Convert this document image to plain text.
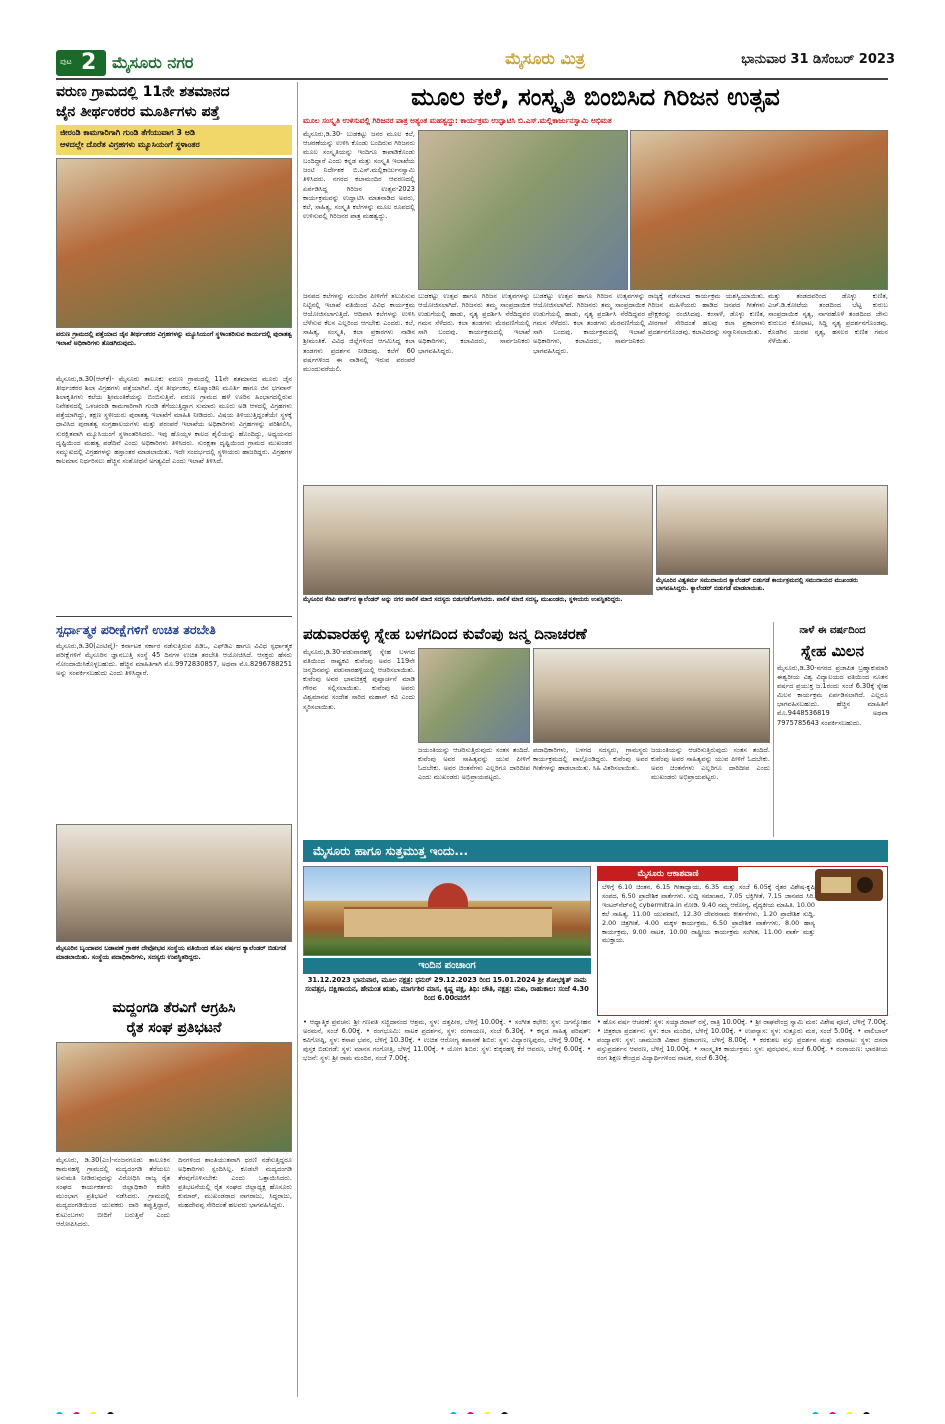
ಪುಟ 2 ಮೈಸೂರು ನಗರ	ಮೈಸೂರು ಮಿತ್ರ	ಭಾನುವಾರ 31 ಡಿಸೆಂಬರ್ 2023
ವರುಣ ಗ್ರಾಮದಲ್ಲಿ 11ನೇ ಶತಮಾನದ
ಜೈನ ತೀರ್ಥಂಕರರ ಮೂರ್ತಿಗಳು ಪತ್ತೆ
ಜೀರಂಡಿ ಕಾಮಗಾರಿಗಾಗಿ ಗುಂಡಿ ತೆಗೆಯುವಾಗ 3 ಅಡಿ
ಆಳದಲ್ಲೇ ದೊರೆತ ವಿಗ್ರಹಗಳು ಮ್ಯೂಸಿಯಂಗೆ ಸ್ಥಳಾಂತರ
ವರುಣ ಗ್ರಾಮದಲ್ಲಿ ಪತ್ತೆಯಾದ ಜೈನ ತೀರ್ಥಂಕರರ ವಿಗ್ರಹಗಳನ್ನು ಮ್ಯೂಸಿಯಂಗೆ ಸ್ಥಳಾಂತರಿಸುವ ಕಾರ್ಯದಲ್ಲಿ ಪುರಾತತ್ವ ಇಲಾಖೆ ಅಧಿಕಾರಿಗಳು ತೊಡಗಿರುವುದು.
ಮೈಸೂರು,ಡಿ.30(ಆರ್‌ಕೆ)- ಮೈಸೂರು ತಾಲೂಕು ವರುಣ ಗ್ರಾಮದಲ್ಲಿ 11ನೇ ಶತಮಾನದ ಮೂರು ಜೈನ ತೀರ್ಥಂಕರರ ಶಿಲಾ ವಿಗ್ರಹಗಳು ಪತ್ತೆಯಾಗಿವೆ. ಜೈನ ತೀರ್ಥಂಕರ, ಕೂಷ್ಮಾಂಡಿನಿ ಮೂರ್ತಿ ಹಾಗೂ ಜಿನ ಭಗವಾನ್ ಶಿಲಾಕೃತಿಗಳು ಕಲೆಯ ಶ್ರೀಮಂತಿಕೆಯನ್ನು ಬಿಂಬಿಸುತ್ತಿವೆ. ವರುಣ ಗ್ರಾಮದ ಹಳೆ ಊರಿನ ಹಿಂಭಾಗದಲ್ಲಿರುವ ನಿವೇಶನದಲ್ಲಿ ಒಳಚರಂಡಿ ಕಾಮಗಾರಿಗಾಗಿ ಗುಂಡಿ ತೆಗೆಯುತ್ತಿದ್ದಾಗ ಸುಮಾರು ಮೂರು ಅಡಿ ಆಳದಲ್ಲಿ ವಿಗ್ರಹಗಳು ಪತ್ತೆಯಾಗಿದ್ದು, ತಕ್ಷಣ ಸ್ಥಳೀಯರು ಪುರಾತತ್ವ ಇಲಾಖೆಗೆ ಮಾಹಿತಿ ನೀಡಿದರು. ವಿಷಯ ತಿಳಿಯುತ್ತಿದ್ದಂತೆಯೇ ಸ್ಥಳಕ್ಕೆ ಧಾವಿಸಿದ ಪುರಾತತ್ವ ಸಂಗ್ರಹಾಲಯಗಳು ಮತ್ತು ಪರಂಪರೆ ಇಲಾಖೆಯ ಅಧಿಕಾರಿಗಳು ವಿಗ್ರಹಗಳನ್ನು ಪರಿಶೀಲಿಸಿ, ಸುರಕ್ಷಿತವಾಗಿ ಮ್ಯೂಸಿಯಂಗೆ ಸ್ಥಳಾಂತರಿಸಿದರು. ಇವು ಹೊಯ್ಸಳ ಕಾಲದ ಶೈಲಿಯನ್ನು ಹೊಂದಿದ್ದು, ಅಧ್ಯಯನದ ದೃಷ್ಟಿಯಿಂದ ಮಹತ್ವ ಪಡೆದಿವೆ ಎಂದು ಅಧಿಕಾರಿಗಳು ತಿಳಿಸಿದರು. ಸುರಕ್ಷತಾ ದೃಷ್ಟಿಯಿಂದ ಗ್ರಾಮದ ಮುಖಂಡರ ಸಮ್ಮುಖದಲ್ಲಿ ವಿಗ್ರಹಗಳನ್ನು ಹಸ್ತಾಂತರ ಮಾಡಲಾಯಿತು. ಇದೇ ಸಂದರ್ಭದಲ್ಲಿ ಸ್ಥಳೀಯರು ಹಾಜರಿದ್ದರು. ವಿಗ್ರಹಗಳ ಕಾಲಮಾನ ನಿರ್ಧರಿಸಲು ಹೆಚ್ಚಿನ ಸಂಶೋಧನೆ ಅಗತ್ಯವಿದೆ ಎಂದು ಇಲಾಖೆ ತಿಳಿಸಿದೆ.
ಸ್ಪರ್ಧಾತ್ಮಕ ಪರೀಕ್ಷೆಗಳಿಗೆ ಉಚಿತ ತರಬೇತಿ
ಮೈಸೂರು,ಡಿ.30(ಎಂಟಿವೈ)- ಕರ್ನಾಟಕ ಸರ್ಕಾರ ನಡೆಸುತ್ತಿರುವ ಪಿಡಿಒ, ಎಫ್‌ಡಿಎ ಹಾಗೂ ವಿವಿಧ ಸ್ಪರ್ಧಾತ್ಮಕ ಪರೀಕ್ಷೆಗಳಿಗೆ ಮೈಸೂರಿನ ಜ್ಞಾನಬುತ್ತಿ ಸಂಸ್ಥೆ 45 ದಿನಗಳ ಉಚಿತ ತರಬೇತಿ ಆಯೋಜಿಸಿದೆ. ಆಸಕ್ತರು ಹೆಸರು ನೋಂದಾಯಿಸಿಕೊಳ್ಳಬಹುದು. ಹೆಚ್ಚಿನ ಮಾಹಿತಿಗಾಗಿ ಮೊ.9972830857, ಅಥವಾ ಮೊ.8296788251 ಅನ್ನು ಸಂಪರ್ಕಿಸಬಹುದು ಎಂದು ತಿಳಿಸಿದ್ದಾರೆ.
ಮೈಸೂರಿನ ಬೃಂದಾವನ ಬಡಾವಣೆ ಗ್ರಾಹಕ ದೇವೋಭವ ಸಂಸ್ಥೆಯ ವತಿಯಿಂದ ಹೊಸ ವರ್ಷದ ಕ್ಯಾಲೆಂಡರ್ ಬಿಡುಗಡೆ ಮಾಡಲಾಯಿತು. ಸಂಸ್ಥೆಯ ಪದಾಧಿಕಾರಿಗಳು, ಸದಸ್ಯರು ಉಪಸ್ಥಿತರಿದ್ದರು.
ಮದ್ದಂಗಡಿ ತೆರವಿಗೆ ಆಗ್ರಹಿಸಿ
ರೈತ ಸಂಘ ಪ್ರತಿಭಟನೆ
ಮೈಸೂರು, ಡಿ.30(ಎಂ)-ನಂಜನಗೂಡು ತಾಲೂಕಿನ ಕಾಮನಹಳ್ಳಿ ಗ್ರಾಮದಲ್ಲಿ ಮದ್ಯದಂಗಡಿ ತೆರೆಯಲು ಅನುಮತಿ ನೀಡಿರುವುದನ್ನು ವಿರೋಧಿಸಿ ರಾಜ್ಯ ರೈತ ಸಂಘದ ಕಾರ್ಯಕರ್ತರು ಜಿಲ್ಲಾಧಿಕಾರಿ ಕಚೇರಿ ಮುಂಭಾಗ ಪ್ರತಿಭಟನೆ ನಡೆಸಿದರು. ಗ್ರಾಮದಲ್ಲಿ ಮದ್ಯದಂಗಡಿಯಿಂದ ಯುವಕರು ದಾರಿ ತಪ್ಪುತ್ತಿದ್ದಾರೆ, ಕುಟುಂಬಗಳು ಬೀದಿಗೆ ಬರುತ್ತಿವೆ ಎಂದು ಆರೋಪಿಸಿದರು.
ದಿನಗಳಿಂದ ಶಾಂತಿಯುತವಾಗಿ ಧರಣಿ ನಡೆಸುತ್ತಿದ್ದರೂ ಅಧಿಕಾರಿಗಳು ಸ್ಪಂದಿಸಿಲ್ಲ. ಕೂಡಲೇ ಮದ್ಯದಂಗಡಿ ತೆರವುಗೊಳಿಸಬೇಕು ಎಂದು ಒತ್ತಾಯಿಸಿದರು. ಪ್ರತಿಭಟನೆಯಲ್ಲಿ ರೈತ ಸಂಘದ ಜಿಲ್ಲಾಧ್ಯಕ್ಷ ಹೊಸೂರು ಕುಮಾರ್, ಮುಖಂಡರಾದ ನಾಗರಾಜು, ಸಿದ್ದರಾಜು, ಮಹದೇವಪ್ಪ ಸೇರಿದಂತೆ ಹಲವರು ಭಾಗವಹಿಸಿದ್ದರು.
ಮೂಲ ಕಲೆ, ಸಂಸ್ಕೃತಿ ಬಿಂಬಿಸಿದ ಗಿರಿಜನ ಉತ್ಸವ
ಮೂಲ ಸಂಸ್ಕೃತಿ ಉಳಿಸುವಲ್ಲಿ ಗಿರಿಜನರ ಪಾತ್ರ ಅತ್ಯಂತ ಮಹತ್ವದ್ದು: ಕಾರ್ಯಕ್ರಮ ಉದ್ಘಾಟಿಸಿ ಬಿ.ಎಸ್.ಮಲ್ಲಿಕಾರ್ಜುನಸ್ವಾಮಿ ಅಭಿಮತ
ಮೈಸೂರು,ಡಿ.30- ಬುಡಕಟ್ಟು ಜನರ ಮೂಲ ಕಲೆ, ಆಚರಣೆಯನ್ನು ಉಳಿಸಿ ಕೊಂಡು ಬಂದಿರುವ ಗಿರಿಜನರು ಮೂಲ ಸಂಸ್ಕೃತಿಯನ್ನು ಇಂದಿಗೂ ಕಾಪಾಡಿಕೊಂಡು ಬಂದಿದ್ದಾರೆ ಎಂದು ಕನ್ನಡ ಮತ್ತು ಸಂಸ್ಕೃತಿ ಇಲಾಖೆಯ ಜಂಟಿ ನಿರ್ದೇಶಕ ಬಿ.ಎಸ್.ಮಲ್ಲಿಕಾರ್ಜುನಸ್ವಾಮಿ ತಿಳಿಸಿದರು. ನಗರದ ಕಲಾಮಂದಿರ ಆವರಣದಲ್ಲಿ ಏರ್ಪಡಿಸಿದ್ದ ಗಿರಿಜನ ಉತ್ಸವ-2023 ಕಾರ್ಯಕ್ರಮವನ್ನು ಉದ್ಘಾಟಿಸಿ ಮಾತನಾಡಿದ ಅವರು, ಕಲೆ, ಸಾಹಿತ್ಯ, ಸಂಸ್ಕೃತಿ ಕಲೆಗಳನ್ನು ಮೂಲ ರೂಪದಲ್ಲಿ ಉಳಿಸುವಲ್ಲಿ ಗಿರಿಜನರ ಪಾತ್ರ ಮಹತ್ವದ್ದು.
ಜನಪದ ಕಲೆಗಳನ್ನು ಮುಂದಿನ ಪೀಳಿಗೆಗೆ ತಲುಪಿಸುವ ನಿಟ್ಟಿನಲ್ಲಿ ಇಲಾಖೆ ವತಿಯಿಂದ ವಿವಿಧ ಕಾರ್ಯಕ್ರಮ ಆಯೋಜಿಸಲಾಗುತ್ತಿದೆ. ಆದಿವಾಸಿ ಕಲೆಗಳನ್ನು ಉಳಿಸಿ ಬೆಳೆಸುವ ಕೆಲಸ ಎಲ್ಲರಿಂದ ಆಗಬೇಕು ಎಂದರು. ಕಲೆ, ಸಾಹಿತ್ಯ, ಸಂಸ್ಕೃತಿ, ಕಲಾ ಪ್ರಕಾರಗಳು ನಾಡಿನ ಶ್ರೀಮಂತಿಕೆ. ವಿವಿಧ ಜಿಲ್ಲೆಗಳಿಂದ ಆಗಮಿಸಿದ್ದ ಕಲಾ ತಂಡಗಳು ಪ್ರದರ್ಶನ ನೀಡಿದವು. ಕಲೆಗೆ 60 ವರ್ಷಗಳಿಂದ ಈ ನಾಡಿನಲ್ಲಿ ಇರುವ ಪರಂಪರೆ ಮುಂದುವರೆಯಲಿ.
ಬುಡಕಟ್ಟು ಉತ್ಸವ ಹಾಗೂ ಗಿರಿಜನ ಉತ್ಸವಗಳನ್ನು ಆಯೋಜಿಸಲಾಗಿದೆ. ಗಿರಿಜನರು ತಮ್ಮ ಸಾಂಪ್ರದಾಯಿಕ ಉಡುಗೆಯಲ್ಲಿ ಹಾಡು, ನೃತ್ಯ ಪ್ರದರ್ಶಿಸಿ ನೆರೆದಿದ್ದವರ ಗಮನ ಸೆಳೆದರು. ಕಲಾ ತಂಡಗಳು ಮೆರವಣಿಗೆಯಲ್ಲಿ ಸಾಗಿ ಬಂದವು. ಕಾರ್ಯಕ್ರಮದಲ್ಲಿ ಇಲಾಖೆ ಅಧಿಕಾರಿಗಳು, ಕಲಾವಿದರು, ಸಾರ್ವಜನಿಕರು ಭಾಗವಹಿಸಿದ್ದರು.
ಬುಡಕಟ್ಟು ಉತ್ಸವ ಹಾಗೂ ಗಿರಿಜನ ಉತ್ಸವಗಳನ್ನು ಆಯೋಜಿಸಲಾಗಿದೆ. ಗಿರಿಜನರು ತಮ್ಮ ಸಾಂಪ್ರದಾಯಿಕ ಉಡುಗೆಯಲ್ಲಿ ಹಾಡು, ನೃತ್ಯ ಪ್ರದರ್ಶಿಸಿ ನೆರೆದಿದ್ದವರ ಗಮನ ಸೆಳೆದರು. ಕಲಾ ತಂಡಗಳು ಮೆರವಣಿಗೆಯಲ್ಲಿ ಸಾಗಿ ಬಂದವು. ಕಾರ್ಯಕ್ರಮದಲ್ಲಿ ಇಲಾಖೆ ಅಧಿಕಾರಿಗಳು, ಕಲಾವಿದರು, ಸಾರ್ವಜನಿಕರು ಭಾಗವಹಿಸಿದ್ದರು.
ರಾಜ್ಯಕ್ಕೆ ನಡೆಸಲಾದ ಕಾರ್ಯಕ್ರಮ ಯಶಸ್ವಿಯಾಯಿತು. ಗಿರಿಜನ ಮಹಿಳೆಯರು ಹಾಡಿದ ಜನಪದ ಗೀತೆಗಳು ಪ್ರೇಕ್ಷಕರನ್ನು ರಂಜಿಸಿದವು. ಕಂಸಾಳೆ, ಡೊಳ್ಳು ಕುಣಿತ, ವೀರಗಾಸೆ ಸೇರಿದಂತೆ ಹಲವು ಕಲಾ ಪ್ರಕಾರಗಳು ಪ್ರದರ್ಶನಗೊಂಡವು. ಕಲಾವಿದರನ್ನು ಸನ್ಮಾನಿಸಲಾಯಿತು.
ಮತ್ತು ತಂಡದವರಿಂದ ಡೊಳ್ಳು ಕುಣಿತ, ಎಚ್.ಡಿ.ಕೋಟೆಯ ತಂಡದಿಂದ ಬೆಟ್ಟ ಕುರುಬ ಸಾಂಪ್ರದಾಯಿಕ ನೃತ್ಯ, ನಾಗರಹೊಳೆ ತಂಡದಿಂದ ಜೇನು ಕುರುಬರ ಕೋಲಾಟ, ಸಿದ್ದಿ ನೃತ್ಯ ಪ್ರದರ್ಶನಗೊಂಡವು. ಕೊಡಗಿನ ಯರವ ನೃತ್ಯ, ಹಸಲರ ಕುಣಿತ ಗಮನ ಸೆಳೆಯಿತು.
ಮೈಸೂರಿನ ಕೆಡಿಪಿ ವಾರ್ಡ್‌ನ ಕ್ಯಾಲೆಂಡರ್ ಅನ್ನು ನಗರ ಪಾಲಿಕೆ ಮಾಜಿ ಸದಸ್ಯರು ಬಿಡುಗಡೆಗೊಳಿಸಿದರು. ಪಾಲಿಕೆ ಮಾಜಿ ಸದಸ್ಯ, ಮುಖಂಡರು, ಸ್ಥಳೀಯರು ಉಪಸ್ಥಿತರಿದ್ದರು.
ಮೈಸೂರಿನ ವಿಶ್ವಕರ್ಮ ಸಮುದಾಯದ ಕ್ಯಾಲೆಂಡರ್ ಬಿಡುಗಡೆ ಕಾರ್ಯಕ್ರಮದಲ್ಲಿ ಸಮುದಾಯದ ಮುಖಂಡರು ಭಾಗವಹಿಸಿದ್ದರು. ಕ್ಯಾಲೆಂಡರ್ ಬಿಡುಗಡೆ ಮಾಡಲಾಯಿತು.
ಪಡುವಾರಹಳ್ಳಿ ಸ್ನೇಹ ಬಳಗದಿಂದ ಕುವೆಂಪು ಜನ್ಮ ದಿನಾಚರಣೆ
ಮೈಸೂರು,ಡಿ.30-ಪಡುವಾರಹಳ್ಳಿ ಸ್ನೇಹ ಬಳಗದ ವತಿಯಿಂದ ರಾಷ್ಟ್ರಕವಿ ಕುವೆಂಪು ಅವರ 119ನೇ ಜನ್ಮದಿನವನ್ನು ಪಡುವಾರಹಳ್ಳಿಯಲ್ಲಿ ಆಚರಿಸಲಾಯಿತು. ಕುವೆಂಪು ಅವರ ಭಾವಚಿತ್ರಕ್ಕೆ ಪುಷ್ಪಾರ್ಚನೆ ಮಾಡಿ ಗೌರವ ಸಲ್ಲಿಸಲಾಯಿತು. ಕುವೆಂಪು ಅವರು ವಿಶ್ವಮಾನವ ಸಂದೇಶ ಸಾರಿದ ಮಹಾನ್ ಕವಿ ಎಂದು ಸ್ಮರಿಸಲಾಯಿತು.
ಜಯಂತಿಯನ್ನು ಆಚರಿಸುತ್ತಿರುವುದು ಸಂತಸ ತಂದಿದೆ. ಕುವೆಂಪು ಅವರ ಸಾಹಿತ್ಯವನ್ನು ಯುವ ಪೀಳಿಗೆ ಓದಬೇಕು. ಅವರ ಚಿಂತನೆಗಳು ಎಲ್ಲರಿಗೂ ದಾರಿದೀಪ ಎಂದು ಮುಖಂಡರು ಅಭಿಪ್ರಾಯಪಟ್ಟರು.
ಪದಾಧಿಕಾರಿಗಳು, ಬಳಗದ ಸದಸ್ಯರು, ಗ್ರಾಮಸ್ಥರು ಕಾರ್ಯಕ್ರಮದಲ್ಲಿ ಪಾಲ್ಗೊಂಡಿದ್ದರು. ಕುವೆಂಪು ಅವರ ಗೀತೆಗಳನ್ನು ಹಾಡಲಾಯಿತು. ಸಿಹಿ ವಿತರಿಸಲಾಯಿತು.
ಜಯಂತಿಯನ್ನು ಆಚರಿಸುತ್ತಿರುವುದು ಸಂತಸ ತಂದಿದೆ. ಕುವೆಂಪು ಅವರ ಸಾಹಿತ್ಯವನ್ನು ಯುವ ಪೀಳಿಗೆ ಓದಬೇಕು. ಅವರ ಚಿಂತನೆಗಳು ಎಲ್ಲರಿಗೂ ದಾರಿದೀಪ ಎಂದು ಮುಖಂಡರು ಅಭಿಪ್ರಾಯಪಟ್ಟರು.
ನಾಳೆ ಈ ವರ್ಷದಿಂದ
ಸ್ನೇಹ ಮಿಲನ
ಮೈಸೂರು,ಡಿ.30-ನಗರದ ಪ್ರಜಾಪಿತ ಬ್ರಹ್ಮಾಕುಮಾರಿ ಈಶ್ವರೀಯ ವಿಶ್ವ ವಿದ್ಯಾಲಯದ ವತಿಯಿಂದ ನೂತನ ವರ್ಷದ ಪ್ರಯುಕ್ತ ಜ.1ರಂದು ಸಂಜೆ 6.30ಕ್ಕೆ ಸ್ನೇಹ ಮಿಲನ ಕಾರ್ಯಕ್ರಮ ಏರ್ಪಡಿಸಲಾಗಿದೆ. ಎಲ್ಲರೂ ಭಾಗವಹಿಸಬಹುದು. ಹೆಚ್ಚಿನ ಮಾಹಿತಿಗೆ ಮೊ.9448536819 ಅಥವಾ 7975785643 ಸಂಪರ್ಕಿಸಬಹುದು.
ಮೈಸೂರು ಹಾಗೂ ಸುತ್ತಮುತ್ತ ಇಂದು...
ಇಂದಿನ ಪಂಚಾಂಗ
31.12.2023 ಭಾನುವಾರ, ಮೂಲ ನಕ್ಷತ್ರ: ಧನುರ್ 29.12.2023 ರಿಂದ 15.01.2024 ಶ್ರೀ ಶೋಭಕೃತ್ ನಾಮ ಸಂವತ್ಸರ, ದಕ್ಷಿಣಾಯನ, ಹೇಮಂತ ಋತು, ಮಾರ್ಗಶಿರ ಮಾಸ, ಕೃಷ್ಣ ಪಕ್ಷ, ತಿಥಿ: ಚೌತಿ, ನಕ್ಷತ್ರ: ಮಖ, ರಾಹುಕಾಲ: ಸಂಜೆ 4.30 ರಿಂದ 6.00ರವರೆಗೆ
ಮೈಸೂರು ಆಕಾಶವಾಣಿ
ಬೆಳಿಗ್ಗೆ 6.10 ಚಿಂತನ, 6.15 ಗೀತಾಧ್ಯಾಯ, 6.35 ಮತ್ತು ಸಂಜೆ 6.05ಕ್ಕೆ ರೈತರ ವಿಶೇಷ-ಕೃಷಿ ಸಂಪದ, 6.50 ಪ್ರಾದೇಶಿಕ ವಾರ್ತೆಗಳು. ಸುದ್ದಿ ಸಮಾಚಾರ, 7.05 ಭಕ್ತಿಗೀತೆ, 7.15 ಜಾನಪದ ಸಿರಿ. ಇಂಟರ್‌ನೆಟ್‌ನಲ್ಲಿ cybermitra.in ನೋಡಿ. 9.40 ನಮ್ಮ ಆರೋಗ್ಯ, ವೈದ್ಯಕೀಯ ಮಾಹಿತಿ. 10.00 ಕಲೆ ಸಾಹಿತ್ಯ, 11.00 ಯುವವಾಣಿ, 12.30 ದೇವರನಾಮ ಕೀರ್ತನೆಗಳು, 1.20 ಪ್ರಾದೇಶಿಕ ಸುದ್ದಿ, 2.00 ಚಿತ್ರಗೀತೆ, 4.00 ಮಕ್ಕಳ ಕಾರ್ಯಕ್ರಮ, 6.50 ಪ್ರಾದೇಶಿಕ ವಾರ್ತೆಗಳು, 8.00 ಹಾಸ್ಯ ಕಾರ್ಯಕ್ರಮ, 9.00 ನಾಟಕ, 10.00 ರಾಷ್ಟ್ರೀಯ ಕಾರ್ಯಕ್ರಮ ಸಂಗೀತ, 11.00 ವಾರ್ತೆ ಮತ್ತು ಮುಕ್ತಾಯ.
• ಆಧ್ಯಾತ್ಮಿಕ ಪ್ರವಚನ: ಶ್ರೀ ಗಣಪತಿ ಸಚ್ಚಿದಾನಂದ ಆಶ್ರಮ, ಸ್ಥಳ: ದತ್ತಪೀಠ, ಬೆಳಿಗ್ಗೆ 10.00ಕ್ಕೆ. • ಸಂಗೀತ ಕಛೇರಿ: ಸ್ಥಳ: ಜಗನ್ಮೋಹನ ಅರಮನೆ, ಸಂಜೆ 6.00ಕ್ಕೆ. • ರಂಗಭೂಮಿ: ನಾಟಕ ಪ್ರದರ್ಶನ, ಸ್ಥಳ: ರಂಗಾಯಣ, ಸಂಜೆ 6.30ಕ್ಕೆ. • ಕನ್ನಡ ಸಾಹಿತ್ಯ ಪರಿಷತ್: ಕವಿಗೋಷ್ಠಿ, ಸ್ಥಳ: ಕಸಾಪ ಭವನ, ಬೆಳಿಗ್ಗೆ 10.30ಕ್ಕೆ. • ಉಚಿತ ಆರೋಗ್ಯ ತಪಾಸಣೆ ಶಿಬಿರ: ಸ್ಥಳ: ವಿದ್ಯಾರಣ್ಯಪುರಂ, ಬೆಳಿಗ್ಗೆ 9.00ಕ್ಕೆ. • ಪುಸ್ತಕ ಬಿಡುಗಡೆ: ಸ್ಥಳ: ಮಾನಸ ಗಂಗೋತ್ರಿ, ಬೆಳಿಗ್ಗೆ 11.00ಕ್ಕೆ. • ಯೋಗ ಶಿಬಿರ: ಸ್ಥಳ: ಕುಕ್ಕರಹಳ್ಳಿ ಕೆರೆ ಆವರಣ, ಬೆಳಿಗ್ಗೆ 6.00ಕ್ಕೆ. • ಭಜನೆ: ಸ್ಥಳ: ಶ್ರೀ ರಾಮ ಮಂದಿರ, ಸಂಜೆ 7.00ಕ್ಕೆ.
• ಹೊಸ ವರ್ಷ ಆಚರಣೆ: ಸ್ಥಳ: ಸಯ್ಯಾಜಿರಾವ್ ರಸ್ತೆ, ರಾತ್ರಿ 10.00ಕ್ಕೆ. • ಶ್ರೀ ರಾಘವೇಂದ್ರ ಸ್ವಾಮಿ ಮಠ: ವಿಶೇಷ ಪೂಜೆ, ಬೆಳಿಗ್ಗೆ 7.00ಕ್ಕೆ. • ಚಿತ್ರಕಲಾ ಪ್ರದರ್ಶನ: ಸ್ಥಳ: ಕಲಾ ಮಂದಿರ, ಬೆಳಿಗ್ಗೆ 10.00ಕ್ಕೆ. • ಉಪನ್ಯಾಸ: ಸ್ಥಳ: ಸುತ್ತೂರು ಮಠ, ಸಂಜೆ 5.00ಕ್ಕೆ. • ವಾಲಿಬಾಲ್ ಪಂದ್ಯಾವಳಿ: ಸ್ಥಳ: ಚಾಮುಂಡಿ ವಿಹಾರ ಕ್ರೀಡಾಂಗಣ, ಬೆಳಿಗ್ಗೆ 8.00ಕ್ಕೆ. • ಕರಕುಶಲ ವಸ್ತು ಪ್ರದರ್ಶನ ಮತ್ತು ಮಾರಾಟ: ಸ್ಥಳ: ದಸರಾ ವಸ್ತುಪ್ರದರ್ಶನ ಆವರಣ, ಬೆಳಿಗ್ಗೆ 10.00ಕ್ಕೆ. • ಸಾಂಸ್ಕೃತಿಕ ಕಾರ್ಯಕ್ರಮ: ಸ್ಥಳ: ಪುರಭವನ, ಸಂಜೆ 6.00ಕ್ಕೆ. • ರಂಗಾಯಣ: ಭಾರತೀಯ ರಂಗ ಶಿಕ್ಷಣ ಕೇಂದ್ರದ ವಿದ್ಯಾರ್ಥಿಗಳಿಂದ ನಾಟಕ, ಸಂಜೆ 6.30ಕ್ಕೆ.
